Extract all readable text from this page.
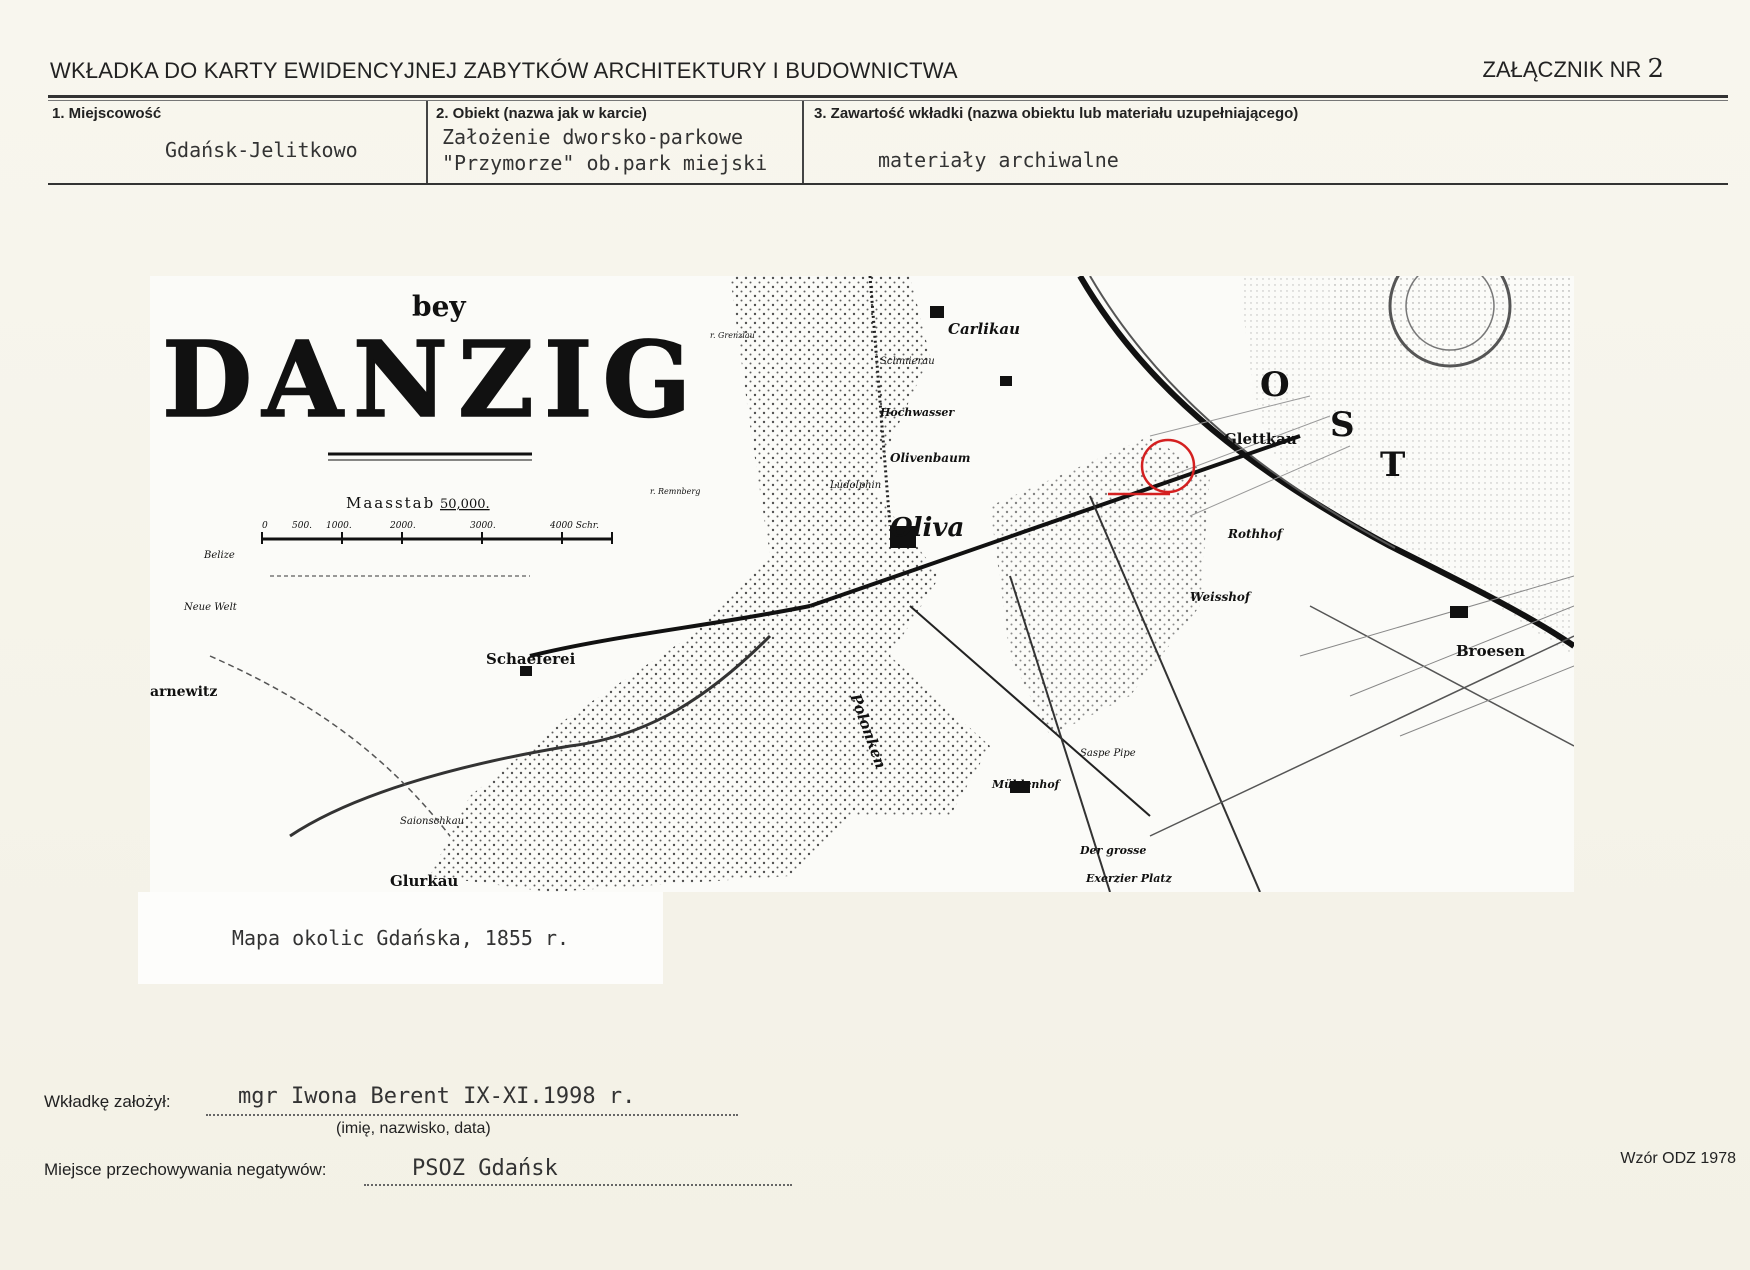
WKŁADKA DO KARTY EWIDENCYJNEJ ZABYTKÓW ARCHITEKTURY I BUDOWNICTWA	ZAŁĄCZNIK NR 2
1. Miejscowość
Gdańsk-Jelitkowo
2. Obiekt (nazwa jak w karcie)
Założenie dworsko-parkowe
"Przymorze" ob.park miejski
3. Zawartość wkładki (nazwa obiektu lub materiału uzupełniającego)
materiały archiwalne
0	500. 1000.	2000.	3000.	4000 Schr.
bey
DANZIG
Maasstab 50,000.
O
S
T
Carlikau
Schmierau
Hochwasser
Olivenbaum
Ludolphin
Glettkau
Oliva	Rothhof
Weisshof
Broesen
Schaeferei
arnewitz
Neue Welt
Belize
Polonken
Mühlenhof
Saspe Pipe
Der grosse
Exerzier Platz
Glurkau
Saionschkau
r. Grenzlau
r. Remnberg
Mapa okolic Gdańska, 1855 r.
Wkładkę założył:	mgr Iwona Berent IX-XI.1998 r.
(imię, nazwisko, data)
Miejsce przechowywania negatywów:	PSOZ Gdańsk	Wzór ODZ 1978
